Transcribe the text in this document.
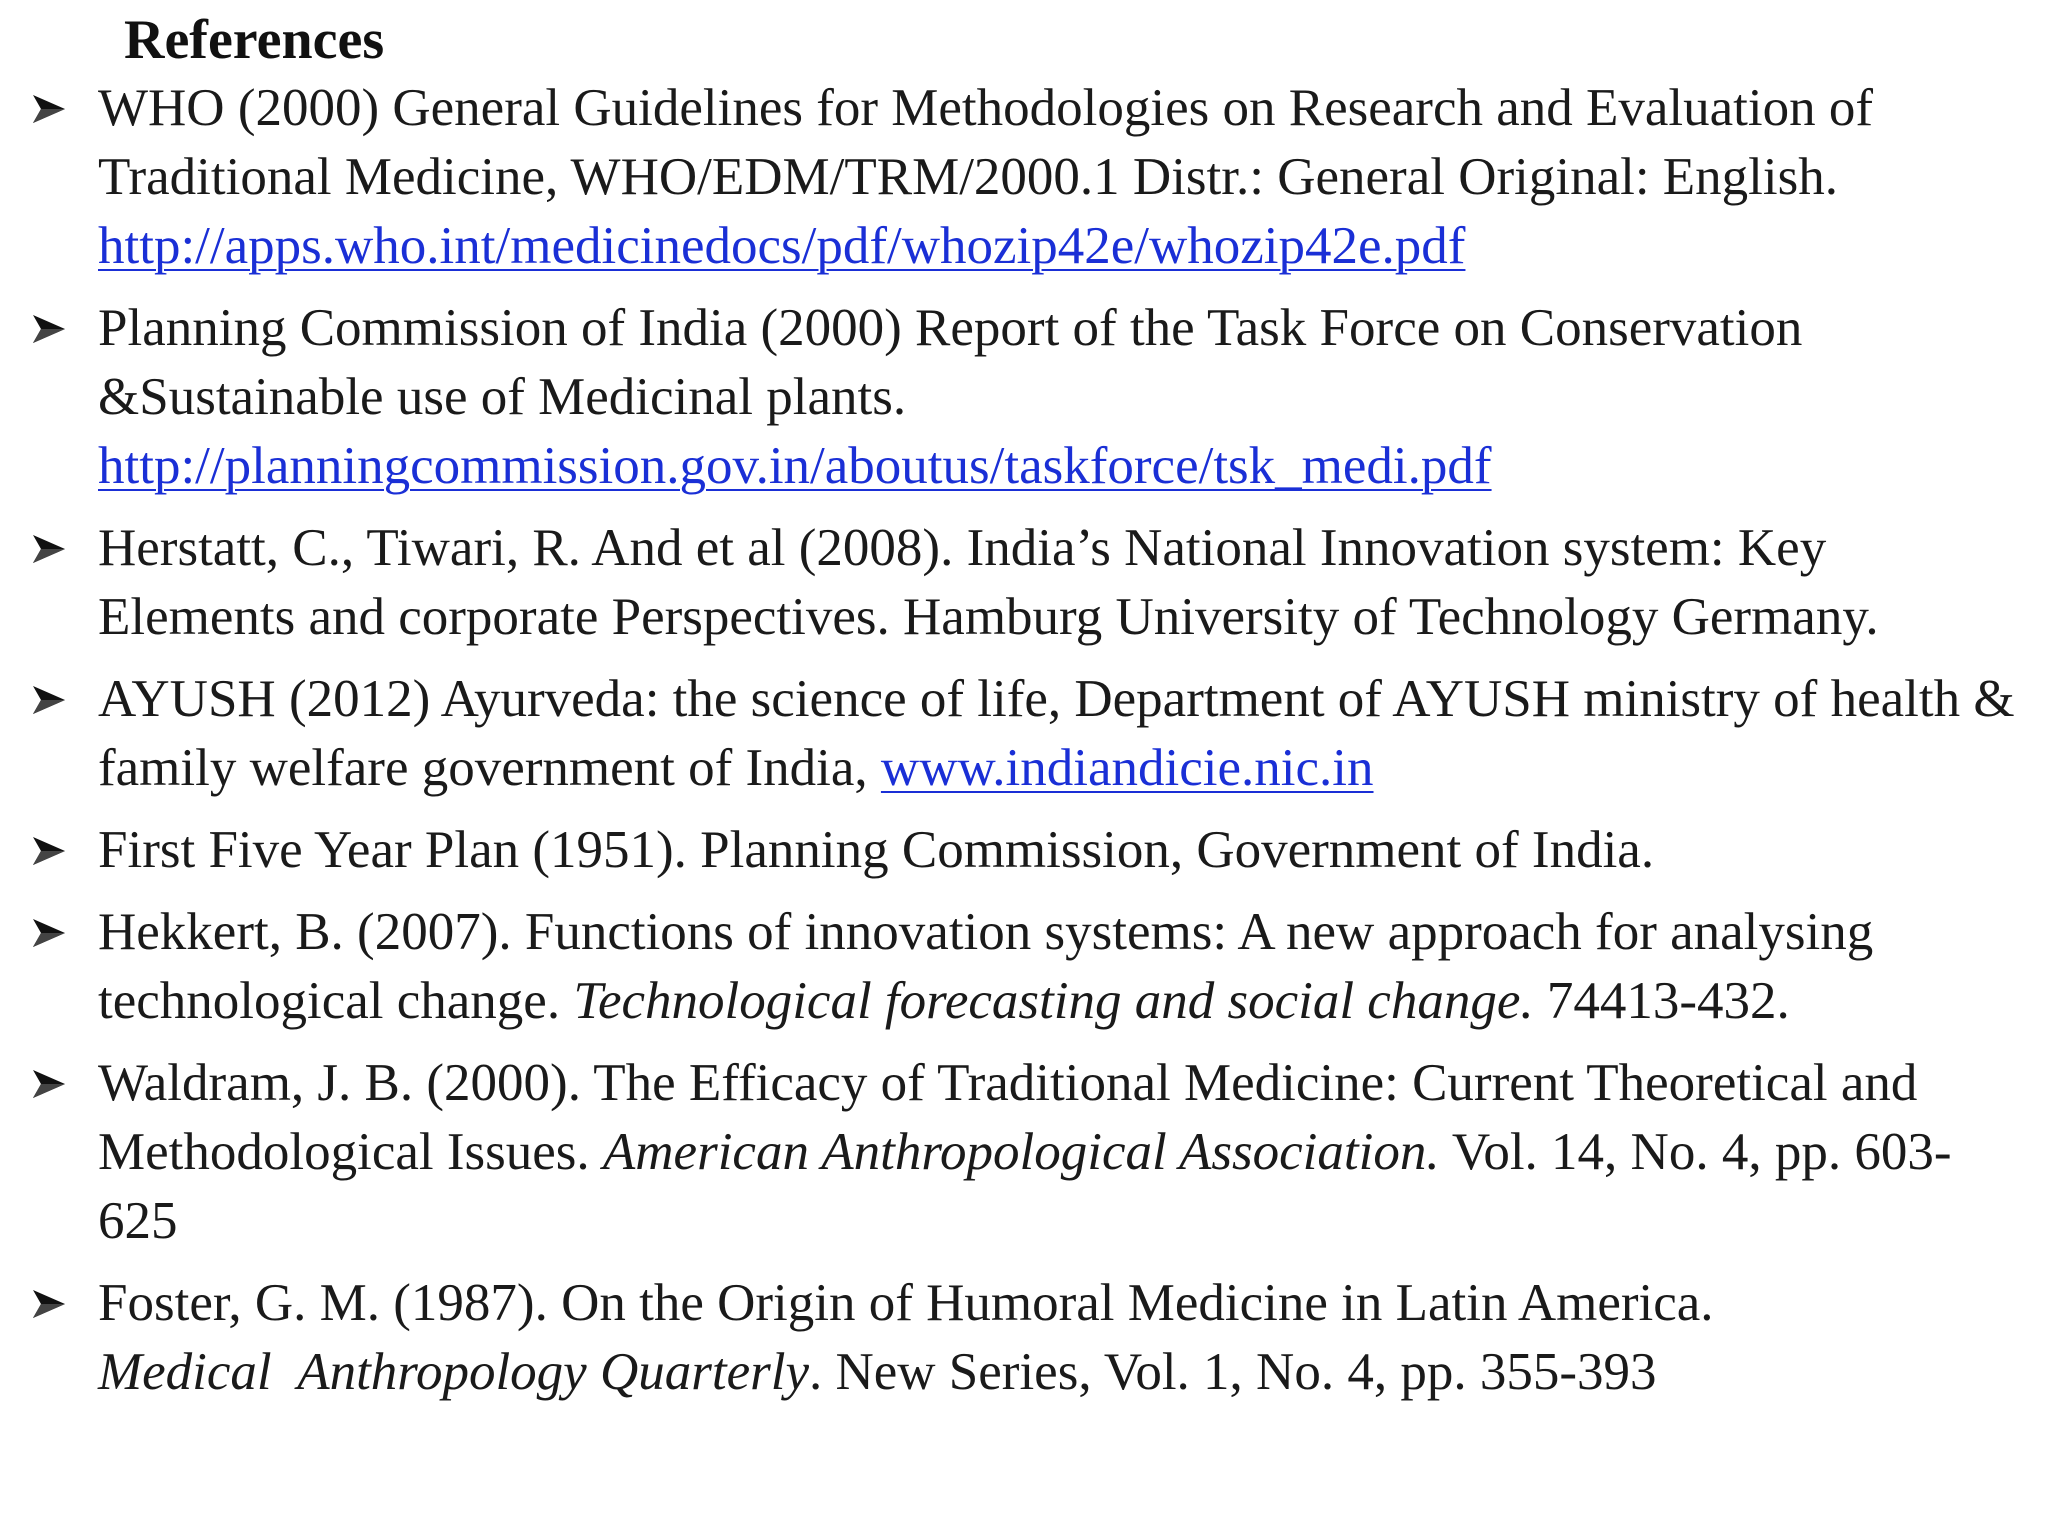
References
WHO (2000) General Guidelines for Methodologies on Research and Evaluation of Traditional Medicine, WHO/EDM/TRM/2000.1 Distr.: General Original: English.
http://apps.who.int/medicinedocs/pdf/whozip42e/whozip42e.pdf
Planning Commission of India (2000) Report of the Task Force on Conservation &Sustainable use of Medicinal plants.
http://planningcommission.gov.in/aboutus/taskforce/tsk_medi.pdf
Herstatt, C., Tiwari, R. And et al (2008). India’s National Innovation system: Key Elements and corporate Perspectives. Hamburg University of Technology Germany.
AYUSH (2012) Ayurveda: the science of life, Department of AYUSH ministry of health & family welfare government of India, www.indiandicie.nic.in
First Five Year Plan (1951). Planning Commission, Government of India.
Hekkert, B. (2007). Functions of innovation systems: A new approach for analysing technological change. Technological forecasting and social change. 74413-432.
Waldram, J. B. (2000). The Efficacy of Traditional Medicine: Current Theoretical and Methodological Issues. American Anthropological Association. Vol. 14, No. 4, pp. 603-625
Foster, G. M. (1987). On the Origin of Humoral Medicine in Latin America.
Medical  Anthropology Quarterly. New Series, Vol. 1, No. 4, pp. 355-393
